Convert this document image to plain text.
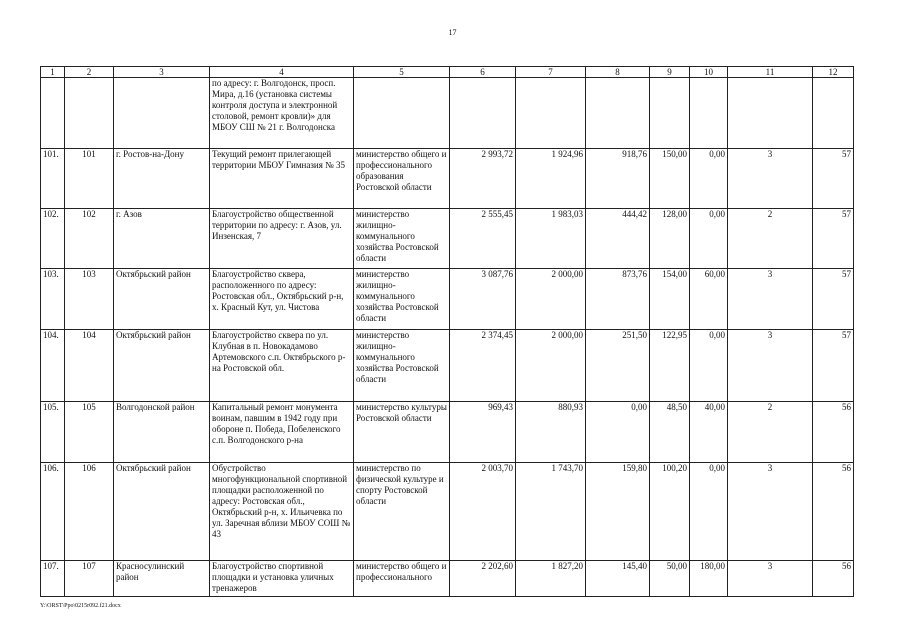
17
1	2	3	4	5	6	7	8	9	10	11	12
			по адресу: г. Волгодонск, просп. Мира, д.16 (установка системы контроля доступа и электронной столовой, ремонт кровли)» для МБОУ СШ № 21 г. Волгодонска								
101.	101	г. Ростов-на-Дону	Текущий ремонт прилегающей территории МБОУ Гимназия № 35	министерство общего и профессионального образования Ростовской области	2 993,72	1 924,96	918,76	150,00	0,00	3	57
102.	102	г. Азов	Благоустройство общественной территории по адресу: г. Азов, ул. Инзенская, 7	министерство жилищно-коммунального хозяйства Ростовской области	2 555,45	1 983,03	444,42	128,00	0,00	2	57
103.	103	Октябрьский район	Благоустройство сквера, расположенного по адресу: Ростовская обл., Октябрьский р-н, х. Красный Кут, ул. Чистова	министерство жилищно-коммунального хозяйства Ростовской области	3 087,76	2 000,00	873,76	154,00	60,00	3	57
104.	104	Октябрьский район	Благоустройство сквера по ул. Клубная в п. Новокадамово Артемовского с.п. Октябрьского р-на Ростовской обл.	министерство жилищно-коммунального хозяйства Ростовской области	2 374,45	2 000,00	251,50	122,95	0,00	3	57
105.	105	Волгодонской район	Капитальный ремонт монумента воинам, павшим в 1942 году при обороне п. Победа, Побеленского с.п. Волгодонского р-на	министерство культуры Ростовской области	969,43	880,93	0,00	48,50	40,00	2	56
106.	106	Октябрьский район	Обустройство многофункциональной спортивной площадки расположенной по адресу: Ростовская обл., Октябрьский р-н, х. Ильичевка по ул. Заречная вблизи МБОУ СОШ № 43	министерство по физической культуре и спорту Ростовской области	2 003,70	1 743,70	159,80	100,20	0,00	3	56
107.	107	Красносулинский район	Благоустройство спортивной площадки и установка уличных тренажеров	министерство общего и профессионального	2 202,60	1 827,20	145,40	50,00	180,00	3	56
Y:\ORST\Ppo\0215r092.f21.docx
